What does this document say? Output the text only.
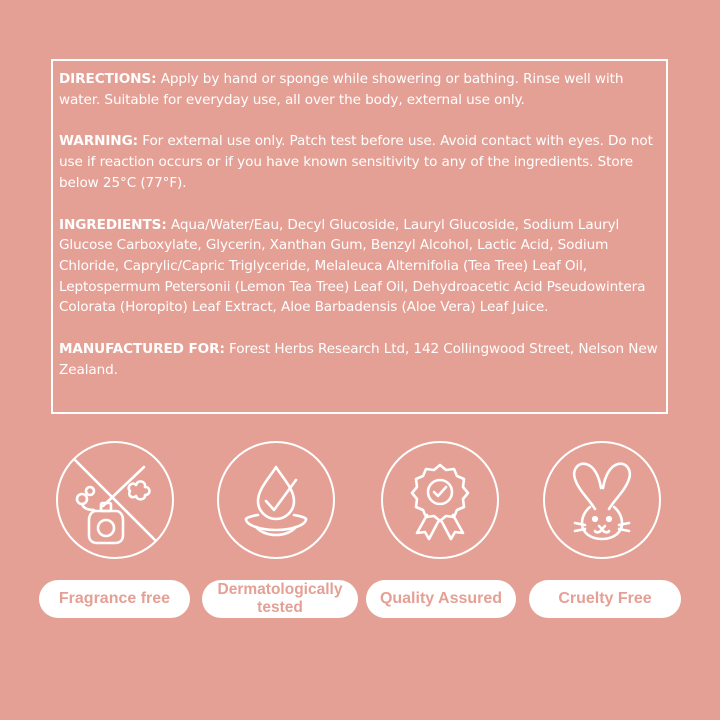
DIRECTIONS: Apply by hand or sponge while showering or bathing. Rinse well with water. Suitable for everyday use, all over the body, external use only.

WARNING: For external use only. Patch test before use. Avoid contact with eyes. Do not use if reaction occurs or if you have known sensitivity to any of the ingredients. Store below 25°C (77°F).

INGREDIENTS: Aqua/Water/Eau, Decyl Glucoside, Lauryl Glucoside, Sodium Lauryl Glucose Carboxylate, Glycerin, Xanthan Gum, Benzyl Alcohol, Lactic Acid, Sodium Chloride, Caprylic/Capric Triglyceride, Melaleuca Alternifolia (Tea Tree) Leaf Oil, Leptospermum Petersonii (Lemon Tea Tree) Leaf Oil, Dehydroacetic Acid Pseudowintera Colorata (Horopito) Leaf Extract, Aloe Barbadensis (Aloe Vera) Leaf Juice.

MANUFACTURED FOR: Forest Herbs Research Ltd, 142 Collingwood Street, Nelson New Zealand.

Fragrance free
Dermatologically tested
Quality Assured	Cruelty Free
